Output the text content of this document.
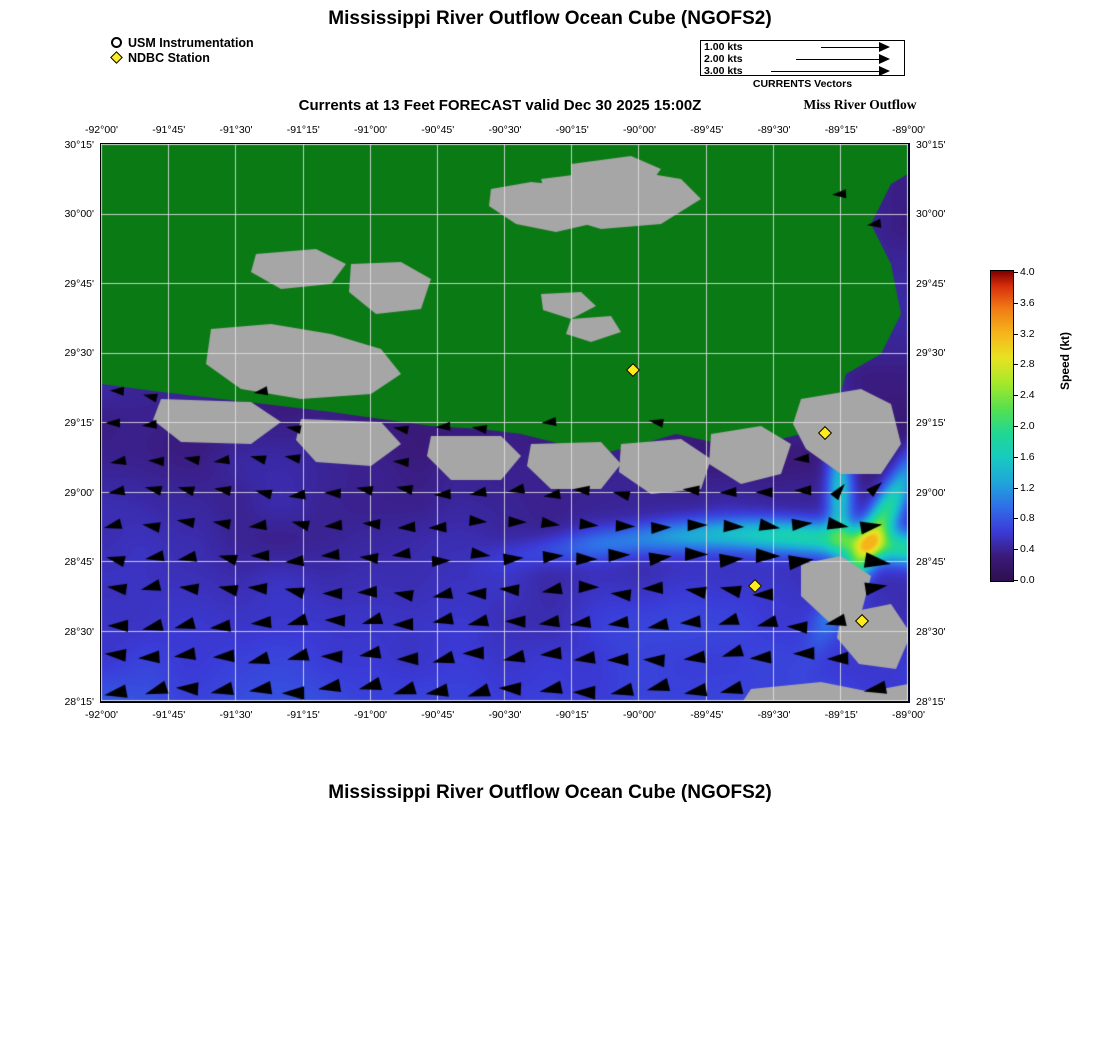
Mississippi River Outflow Ocean Cube (NGOFS2)
USM Instrumentation
NDBC Station
1.00 kts
2.00 kts
3.00 kts
CURRENTS Vectors
Currents at 13 Feet FORECAST valid Dec 30 2025 15:00Z	Miss River Outflow
-92°00'
-92°00'
-91°45'
-91°45'
-91°30'
-91°30'
-91°15'
-91°15'
-91°00'
-91°00'
-90°45'
-90°45'
-90°30'
-90°30'
-90°15'
-90°15'
-90°00'
-90°00'
-89°45'
-89°45'
-89°30'
-89°30'
-89°15'
-89°15'
-89°00'
-89°00'
30°15'	30°15'
30°00'	30°00'
29°45'	29°45'
29°30'	29°30'
29°15'	29°15'
29°00'	29°00'
28°45'	28°45'
28°30'	28°30'
28°15'	28°15'
4.0
3.6
3.2
2.8
2.4
2.0
1.6
1.2
0.8
0.4
0.0
Speed (kt)
Mississippi River Outflow Ocean Cube (NGOFS2)
